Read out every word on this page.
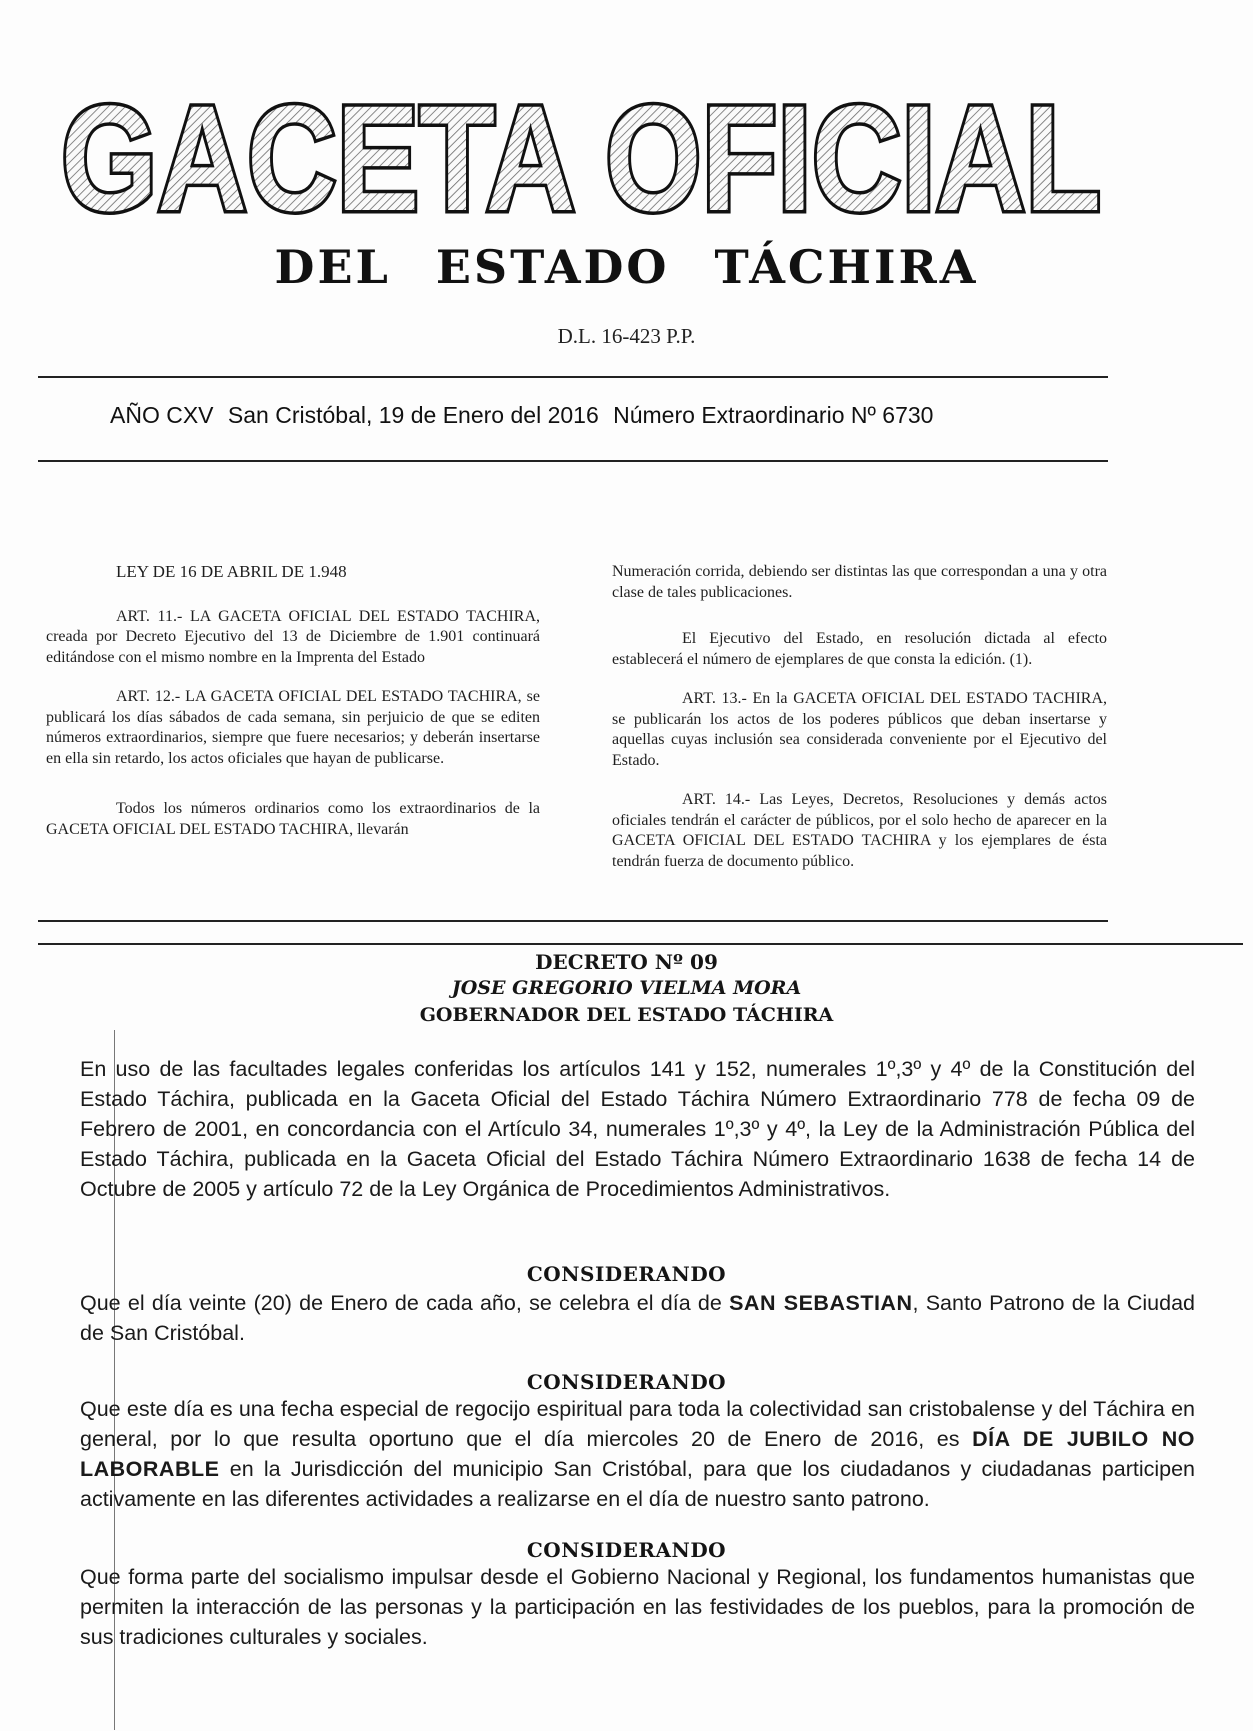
GACETA OFICIAL
DEL ESTADO TÁCHIRA
D.L. 16-423 P.P.
AÑO CXV San Cristóbal, 19 de Enero del 2016 Número Extraordinario Nº 6730

LEY DE 16 DE ABRIL DE 1.948

ART. 11.- LA GACETA OFICIAL DEL ESTADO TACHIRA, creada por Decreto Ejecutivo del 13 de Diciembre de 1.901 continuará editándose con el mismo nombre en la Imprenta del Estado

ART. 12.- LA GACETA OFICIAL DEL ESTADO TACHIRA, se publicará los días sábados de cada semana, sin perjuicio de que se editen números extraordinarios, siempre que fuere necesarios; y deberán insertarse en ella sin retardo, los actos oficiales que hayan de publicarse.

Todos los números ordinarios como los extraordinarios de la GACETA OFICIAL DEL ESTADO TACHIRA, llevarán

Numeración corrida, debiendo ser distintas las que correspondan a una y otra clase de tales publicaciones.

El Ejecutivo del Estado, en resolución dictada al efecto establecerá el número de ejemplares de que consta la edición. (1).

ART. 13.- En la GACETA OFICIAL DEL ESTADO TACHIRA, se publicarán los actos de los poderes públicos que deban insertarse y aquellas cuyas inclusión sea considerada conveniente por el Ejecutivo del Estado.

ART. 14.- Las Leyes, Decretos, Resoluciones y demás actos oficiales tendrán el carácter de públicos, por el solo hecho de aparecer en la GACETA OFICIAL DEL ESTADO TACHIRA y los ejemplares de ésta tendrán fuerza de documento público.

DECRETO Nº 09
JOSE GREGORIO VIELMA MORA
GOBERNADOR DEL ESTADO TÁCHIRA
En uso de las facultades legales conferidas los artículos 141 y 152, numerales 1º,3º y 4º de la Constitución del Estado Táchira, publicada en la Gaceta Oficial del Estado Táchira Número Extraordinario 778 de fecha 09 de Febrero de 2001, en concordancia con el Artículo 34, numerales 1º,3º y 4º, la Ley de la Administración Pública del Estado Táchira, publicada en la Gaceta Oficial del Estado Táchira Número Extraordinario 1638 de fecha 14 de Octubre de 2005 y artículo 72 de la Ley Orgánica de Procedimientos Administrativos.
CONSIDERANDO
Que el día veinte (20) de Enero de cada año, se celebra el día de SAN SEBASTIAN, Santo Patrono de la Ciudad de San Cristóbal.
CONSIDERANDO
Que este día es una fecha especial de regocijo espiritual para toda la colectividad san cristobalense y del Táchira en general, por lo que resulta oportuno que el día miercoles 20 de Enero de 2016, es DÍA DE JUBILO NO LABORABLE en la Jurisdicción del municipio San Cristóbal, para que los ciudadanos y ciudadanas participen activamente en las diferentes actividades a realizarse en el día de nuestro santo patrono.
CONSIDERANDO
Que forma parte del socialismo impulsar desde el Gobierno Nacional y Regional, los fundamentos humanistas que permiten la interacción de las personas y la participación en las festividades de los pueblos, para la promoción de sus tradiciones culturales y sociales.
